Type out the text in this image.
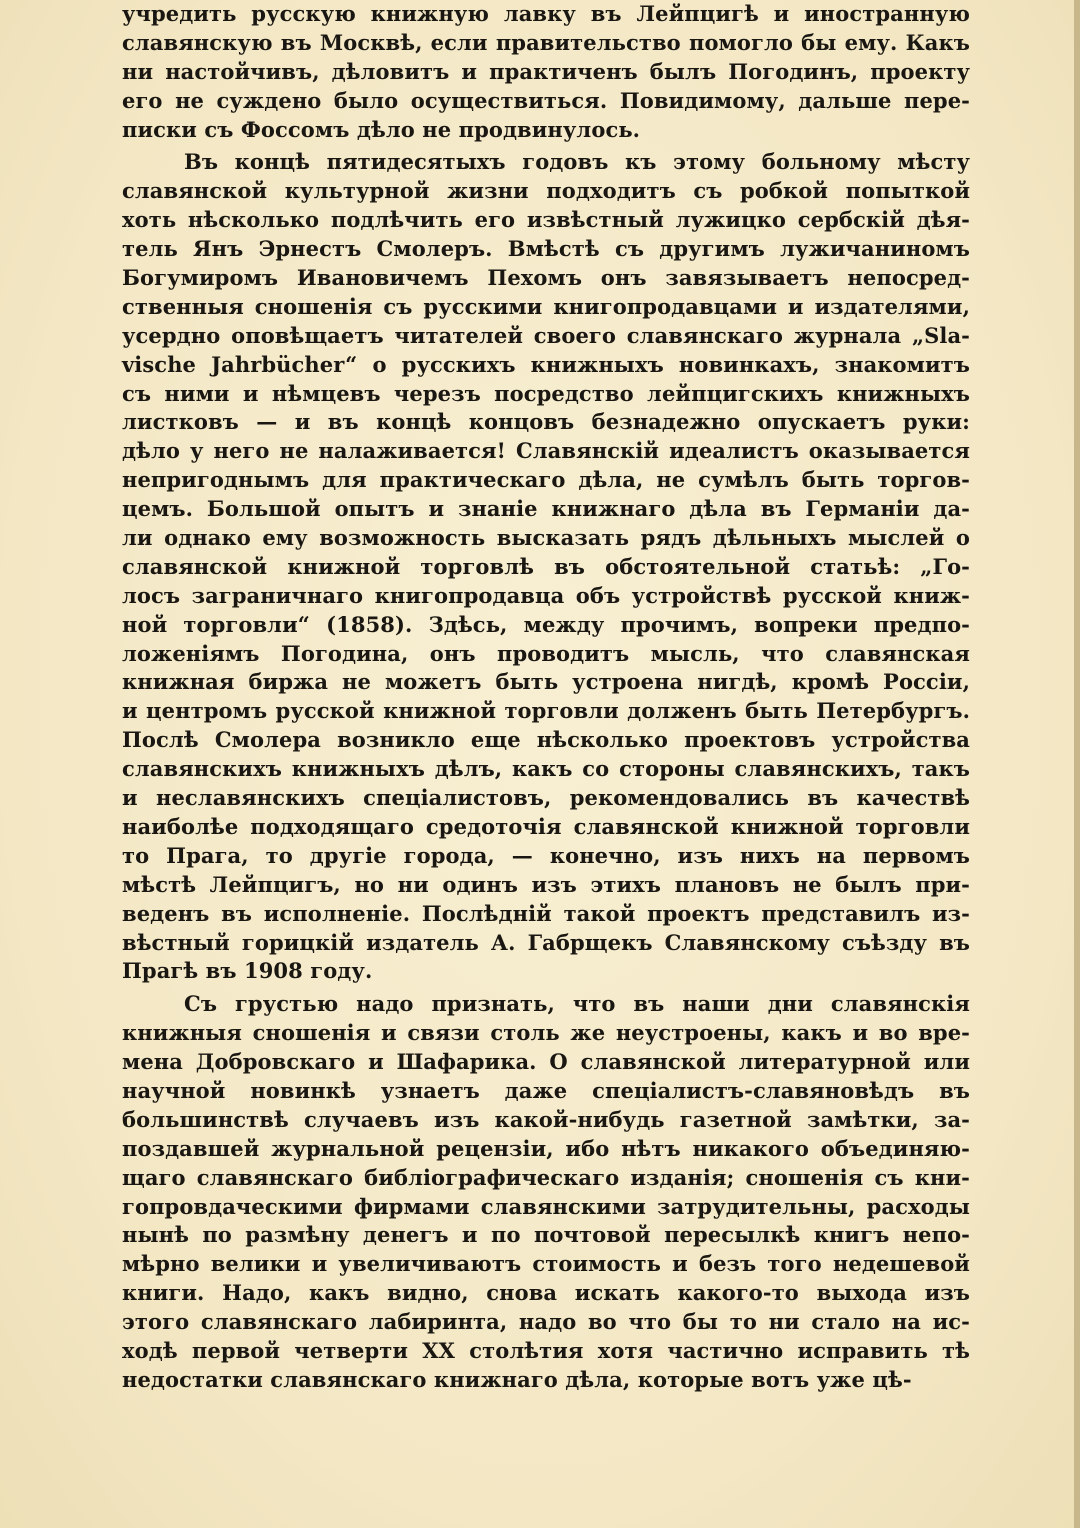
учредить русскую книжную лавку въ Лейпцигѣ и иностранную
славянскую въ Москвѣ, если правительство помогло бы ему. Какъ
ни настойчивъ, дѣловитъ и практиченъ былъ Погодинъ, проекту
его не суждено было осуществиться. Повидимому, дальше пере-
писки съ Фоссомъ дѣло не продвинулось.
Въ концѣ пятидесятыхъ годовъ къ этому больному мѣсту
славянской культурной жизни подходитъ съ робкой попыткой
хоть нѣсколько подлѣчить его извѣстный лужицко сербскій дѣя-
тель Янъ Эрнестъ Смолеръ. Вмѣстѣ съ другимъ лужичаниномъ
Богумиромъ Ивановичемъ Пехомъ онъ завязываетъ непосред-
ственныя сношенія съ русскими книгопродавцами и издателями,
усердно оповѣщаетъ читателей своего славянскаго журнала „Sla-
vische Jahrbücher“ о русскихъ книжныхъ новинкахъ, знакомитъ
съ ними и нѣмцевъ черезъ посредство лейпцигскихъ книжныхъ
листковъ — и въ концѣ концовъ безнадежно опускаетъ руки:
дѣло у него не налаживается! Славянскій идеалистъ оказывается
непригоднымъ для практическаго дѣла, не сумѣлъ быть торгов-
цемъ. Большой опытъ и знаніе книжнаго дѣла въ Германіи да-
ли однако ему возможность высказать рядъ дѣльныхъ мыслей о
славянской книжной торговлѣ въ обстоятельной статьѣ: „Го-
лосъ заграничнаго книгопродавца объ устройствѣ русской книж-
ной торговли“ (1858). Здѣсь, между прочимъ, вопреки предпо-
ложеніямъ Погодина, онъ проводитъ мысль, что славянская
книжная биржа не можетъ быть устроена нигдѣ, кромѣ Россіи,
и центромъ русской книжной торговли долженъ быть Петербургъ.
Послѣ Смолера возникло еще нѣсколько проектовъ устройства
славянскихъ книжныхъ дѣлъ, какъ со стороны славянскихъ, такъ
и неславянскихъ спеціалистовъ, рекомендовались въ качествѣ
наиболѣе подходящаго средоточія славянской книжной торговли
то Прага, то другіе города, — конечно, изъ нихъ на первомъ
мѣстѣ Лейпцигъ, но ни одинъ изъ этихъ плановъ не былъ при-
веденъ въ исполненіе. Послѣдній такой проектъ представилъ из-
вѣстный горицкій издатель А. Габрщекъ Славянскому съѣзду въ
Прагѣ въ 1908 году.
Съ грустью надо признать, что въ наши дни славянскія
книжныя сношенія и связи столь же неустроены, какъ и во вре-
мена Добровскаго и Шафарика. О славянской литературной или
научной новинкѣ узнаетъ даже спеціалистъ-славяновѣдъ въ
большинствѣ случаевъ изъ какой-нибудь газетной замѣтки, за-
поздавшей журнальной рецензіи, ибо нѣтъ никакого объединяю-
щаго славянскаго библіографическаго изданія; сношенія съ кни-
гопровдаческими фирмами славянскими затрудительны, расходы
нынѣ по размѣну денегъ и по почтовой пересылкѣ книгъ непо-
мѣрно велики и увеличиваютъ стоимость и безъ того недешевой
книги. Надо, какъ видно, снова искать какого-то выхода изъ
этого славянскаго лабиринта, надо во что бы то ни стало на ис-
ходѣ первой четверти XX столѣтия хотя частично исправить тѣ
недостатки славянскаго книжнаго дѣла, которые вотъ уже цѣ-
